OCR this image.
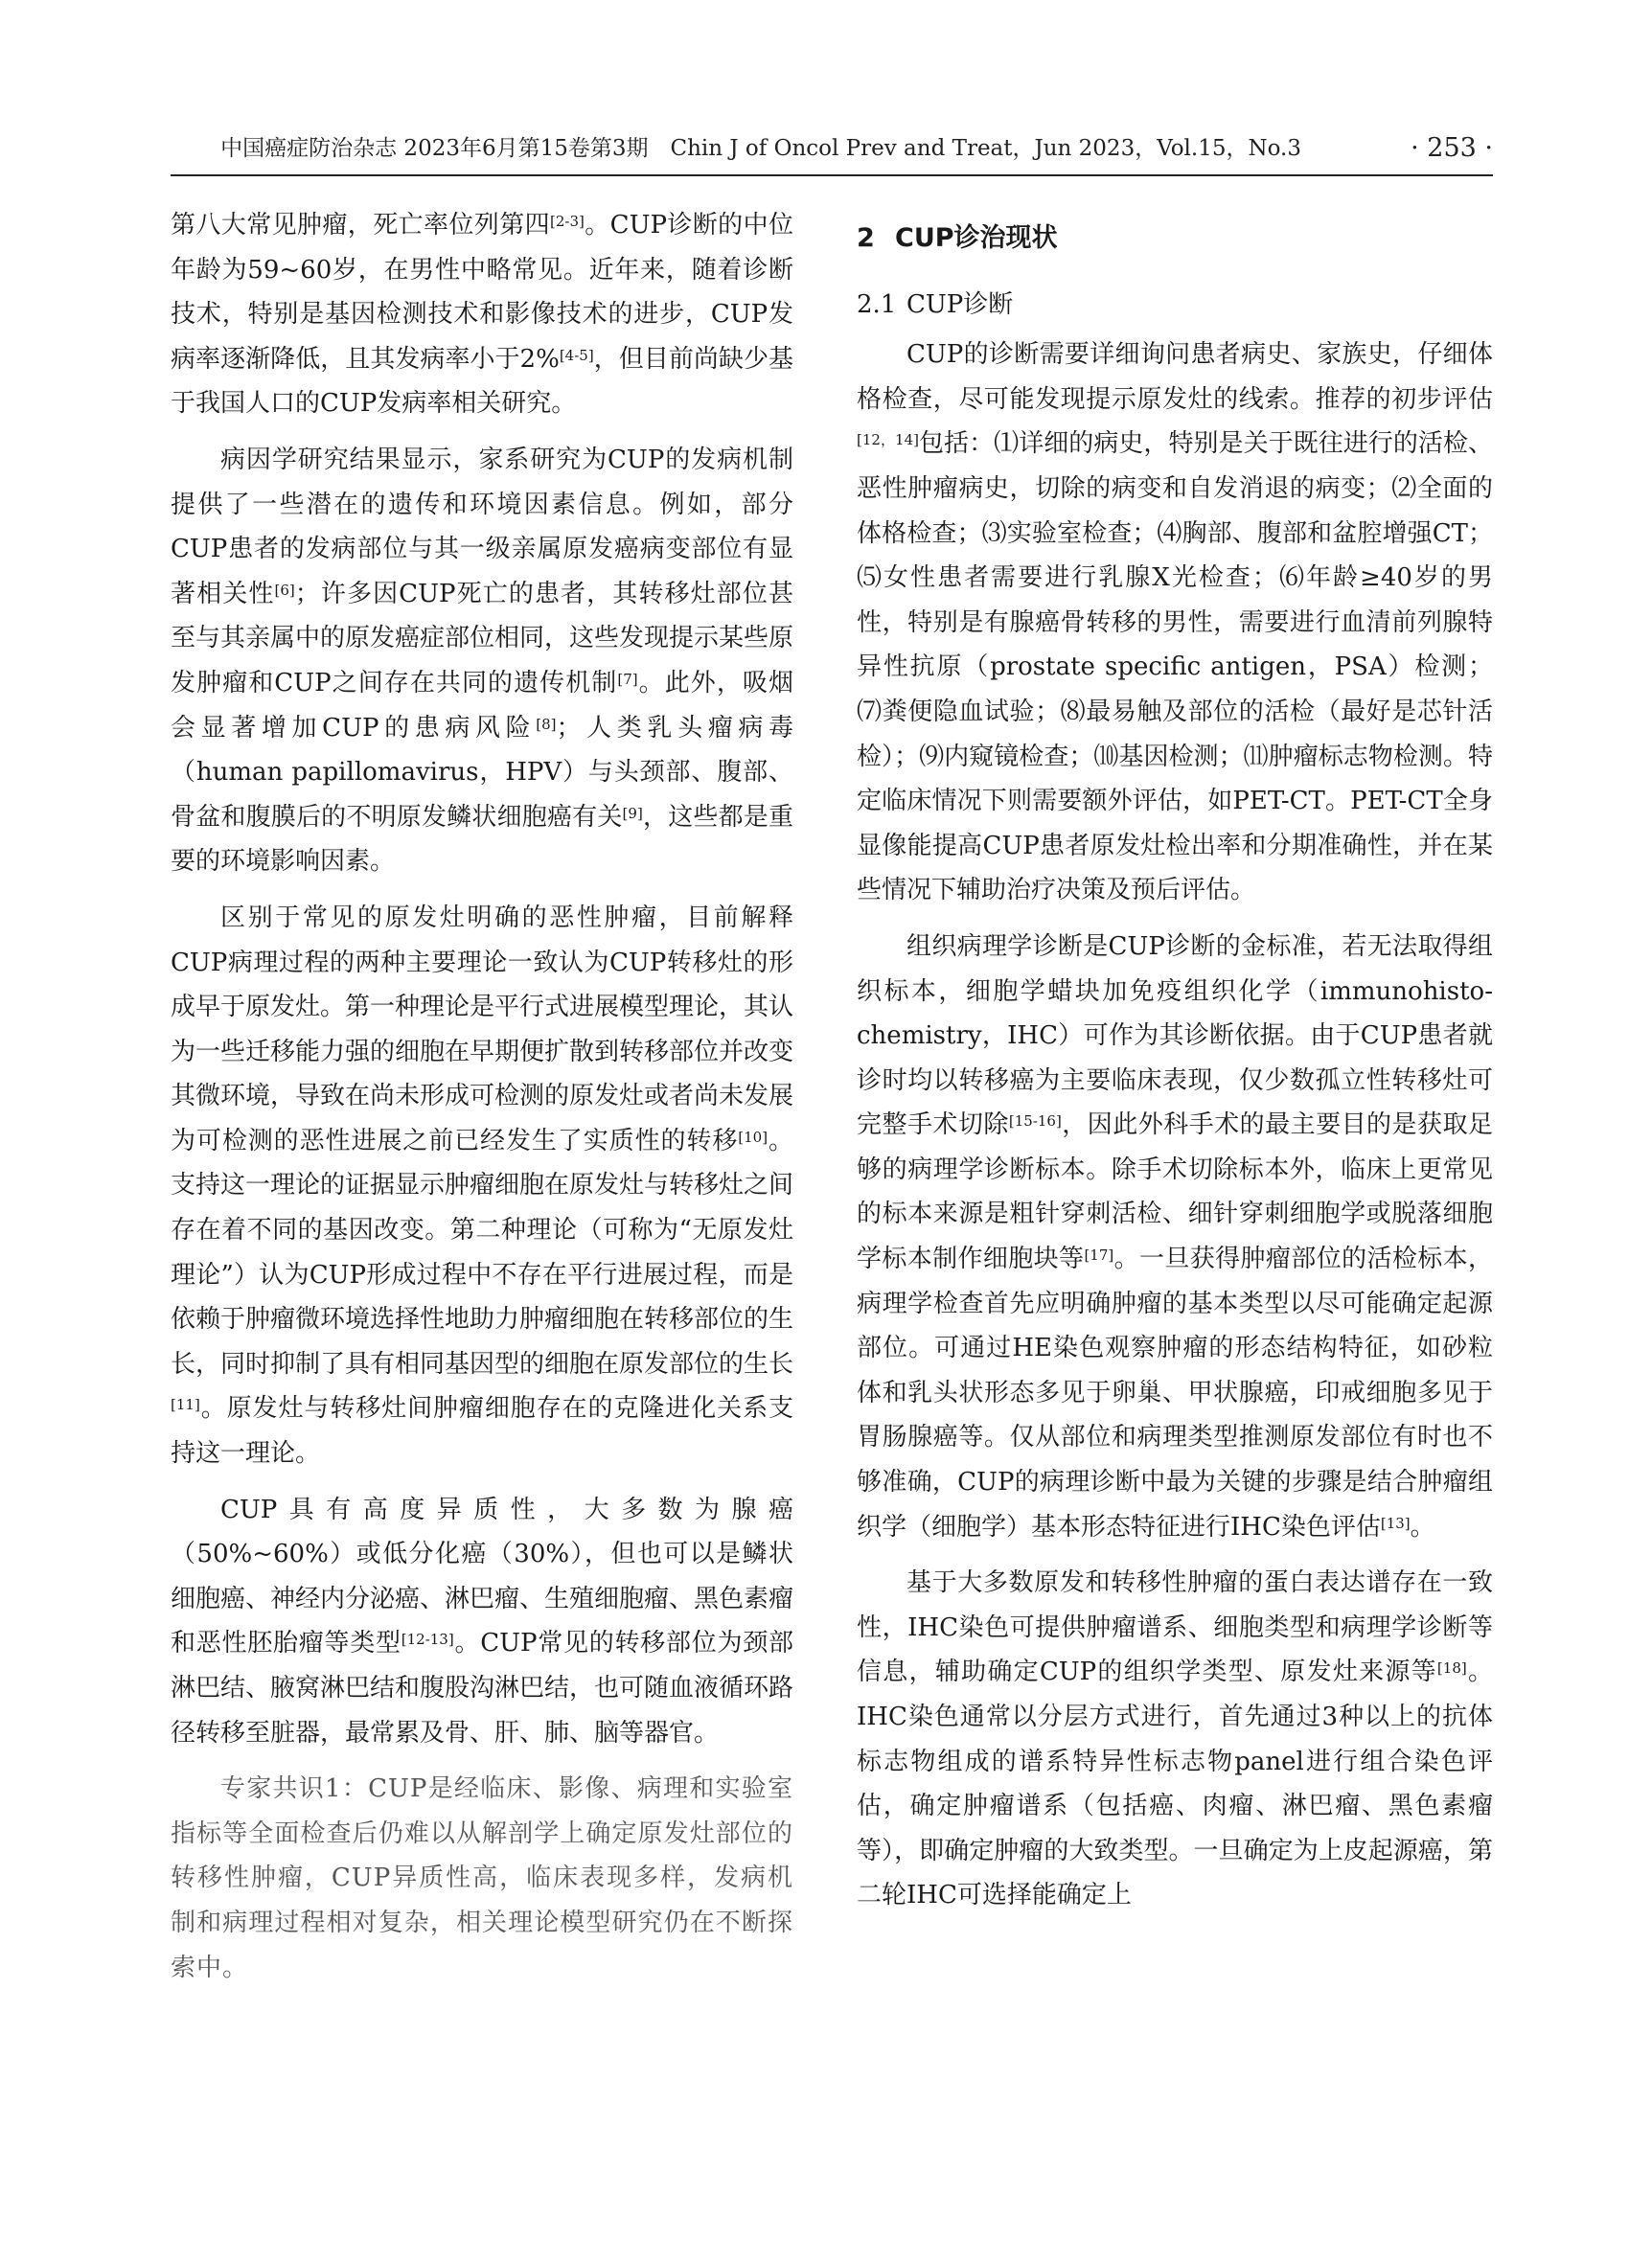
中国癌症防治杂志 2023年6月第15卷第3期　Chin J of Oncol Prev and Treat，Jun 2023，Vol.15，No.3	· 253 ·

第八大常见肿瘤，死亡率位列第四[2-3]。CUP诊断的中位年龄为59~60岁，在男性中略常见。近年来，随着诊断技术，特别是基因检测技术和影像技术的进步，CUP发病率逐渐降低，且其发病率小于2%[4-5]，但目前尚缺少基于我国人口的CUP发病率相关研究。

病因学研究结果显示，家系研究为CUP的发病机制提供了一些潜在的遗传和环境因素信息。例如，部分CUP患者的发病部位与其一级亲属原发癌病变部位有显著相关性[6]；许多因CUP死亡的患者，其转移灶部位甚至与其亲属中的原发癌症部位相同，这些发现提示某些原发肿瘤和CUP之间存在共同的遗传机制[7]。此外，吸烟会显著增加CUP的患病风险[8]；人类乳头瘤病毒（human papillomavirus，HPV）与头颈部、腹部、骨盆和腹膜后的不明原发鳞状细胞癌有关[9]，这些都是重要的环境影响因素。

区别于常见的原发灶明确的恶性肿瘤，目前解释CUP病理过程的两种主要理论一致认为CUP转移灶的形成早于原发灶。第一种理论是平行式进展模型理论，其认为一些迁移能力强的细胞在早期便扩散到转移部位并改变其微环境，导致在尚未形成可检测的原发灶或者尚未发展为可检测的恶性进展之前已经发生了实质性的转移[10]。支持这一理论的证据显示肿瘤细胞在原发灶与转移灶之间存在着不同的基因改变。第二种理论（可称为“无原发灶理论”）认为CUP形成过程中不存在平行进展过程，而是依赖于肿瘤微环境选择性地助力肿瘤细胞在转移部位的生长，同时抑制了具有相同基因型的细胞在原发部位的生长[11]。原发灶与转移灶间肿瘤细胞存在的克隆进化关系支持这一理论。

CUP具有高度异质性，大多数为腺癌（50%~60%）或低分化癌（30%），但也可以是鳞状细胞癌、神经内分泌癌、淋巴瘤、生殖细胞瘤、黑色素瘤和恶性胚胎瘤等类型[12-13]。CUP常见的转移部位为颈部淋巴结、腋窝淋巴结和腹股沟淋巴结，也可随血液循环路径转移至脏器，最常累及骨、肝、肺、脑等器官。

专家共识1：CUP是经临床、影像、病理和实验室指标等全面检查后仍难以从解剖学上确定原发灶部位的转移性肿瘤，CUP异质性高，临床表现多样，发病机制和病理过程相对复杂，相关理论模型研究仍在不断探索中。

2 CUP诊治现状
2.1 CUP诊断

CUP的诊断需要详细询问患者病史、家族史，仔细体格检查，尽可能发现提示原发灶的线索。推荐的初步评估[12，14]包括：⑴详细的病史，特别是关于既往进行的活检、恶性肿瘤病史，切除的病变和自发消退的病变；⑵全面的体格检查；⑶实验室检查；⑷胸部、腹部和盆腔增强CT；⑸女性患者需要进行乳腺X光检查；⑹年龄≥40岁的男性，特别是有腺癌骨转移的男性，需要进行血清前列腺特异性抗原（prostate specific antigen，PSA）检测；⑺粪便隐血试验；⑻最易触及部位的活检（最好是芯针活检）；⑼内窥镜检查；⑽基因检测；⑾肿瘤标志物检测。特定临床情况下则需要额外评估，如PET-CT。PET-CT全身显像能提高CUP患者原发灶检出率和分期准确性，并在某些情况下辅助治疗决策及预后评估。

组织病理学诊断是CUP诊断的金标准，若无法取得组织标本，细胞学蜡块加免疫组织化学（immunohistochemistry，IHC）可作为其诊断依据。由于CUP患者就诊时均以转移癌为主要临床表现，仅少数孤立性转移灶可完整手术切除[15-16]，因此外科手术的最主要目的是获取足够的病理学诊断标本。除手术切除标本外，临床上更常见的标本来源是粗针穿刺活检、细针穿刺细胞学或脱落细胞学标本制作细胞块等[17]。一旦获得肿瘤部位的活检标本，病理学检查首先应明确肿瘤的基本类型以尽可能确定起源部位。可通过HE染色观察肿瘤的形态结构特征，如砂粒体和乳头状形态多见于卵巢、甲状腺癌，印戒细胞多见于胃肠腺癌等。仅从部位和病理类型推测原发部位有时也不够准确，CUP的病理诊断中最为关键的步骤是结合肿瘤组织学（细胞学）基本形态特征进行IHC染色评估[13]。

基于大多数原发和转移性肿瘤的蛋白表达谱存在一致性，IHC染色可提供肿瘤谱系、细胞类型和病理学诊断等信息，辅助确定CUP的组织学类型、原发灶来源等[18]。IHC染色通常以分层方式进行，首先通过3种以上的抗体标志物组成的谱系特异性标志物panel进行组合染色评估，确定肿瘤谱系（包括癌、肉瘤、淋巴瘤、黑色素瘤等），即确定肿瘤的大致类型。一旦确定为上皮起源癌，第二轮IHC可选择能确定上
